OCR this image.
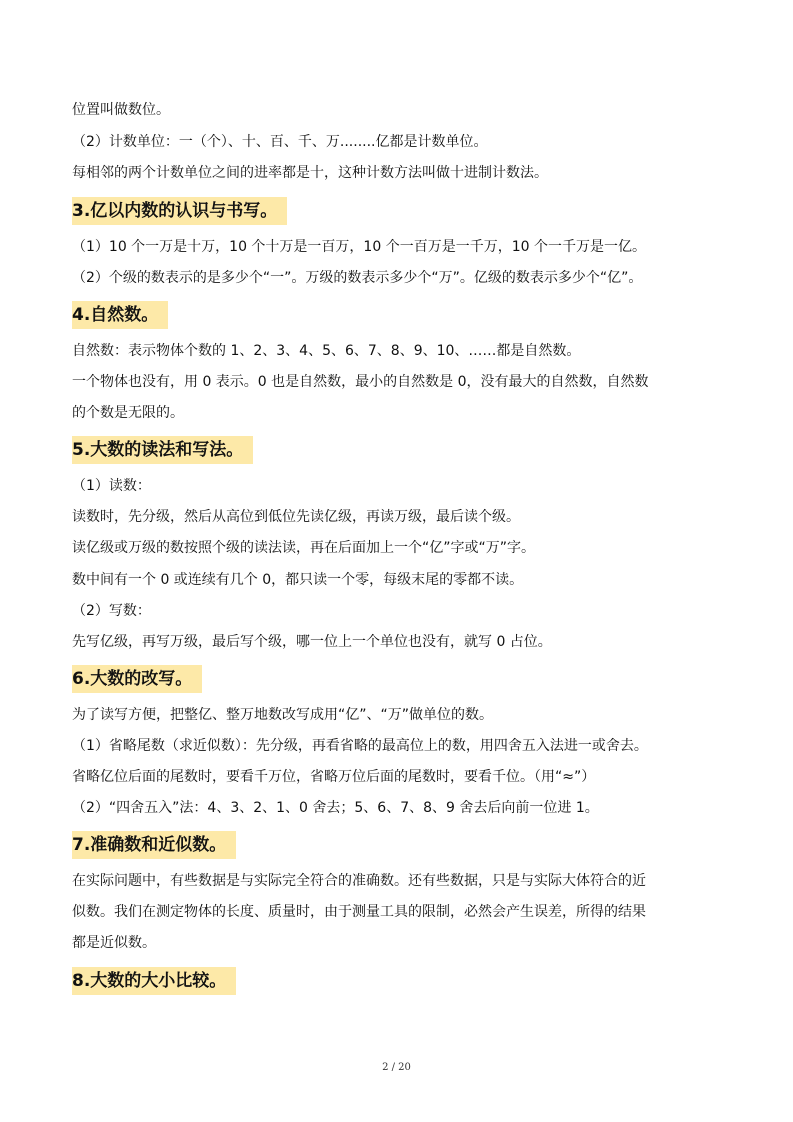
位置叫做数位。
（2）计数单位：一（个）、十、百、千、万........亿都是计数单位。
每相邻的两个计数单位之间的进率都是十，这种计数方法叫做十进制计数法。
3.亿以内数的认识与书写。
（1）10 个一万是十万，10 个十万是一百万，10 个一百万是一千万，10 个一千万是一亿。
（2）个级的数表示的是多少个“一”。万级的数表示多少个“万”。亿级的数表示多少个“亿”。
4.自然数。
自然数：表示物体个数的 1、2、3、4、5、6、7、8、9、10、……都是自然数。
一个物体也没有，用 0 表示。0 也是自然数，最小的自然数是 0，没有最大的自然数，自然数
的个数是无限的。
5.大数的读法和写法。
（1）读数：
读数时，先分级，然后从高位到低位先读亿级，再读万级，最后读个级。
读亿级或万级的数按照个级的读法读，再在后面加上一个“亿”字或“万”字。
数中间有一个 0 或连续有几个 0，都只读一个零，每级末尾的零都不读。
（2）写数：
先写亿级，再写万级，最后写个级，哪一位上一个单位也没有，就写 0 占位。
6.大数的改写。
为了读写方便，把整亿、整万地数改写成用“亿”、“万”做单位的数。
（1）省略尾数（求近似数）：先分级，再看省略的最高位上的数，用四舍五入法进一或舍去。
省略亿位后面的尾数时，要看千万位，省略万位后面的尾数时，要看千位。（用“≈”）
（2）“四舍五入”法：4、3、2、1、0 舍去；5、6、7、8、9 舍去后向前一位进 1。
7.准确数和近似数。
在实际问题中，有些数据是与实际完全符合的准确数。还有些数据，只是与实际大体符合的近
似数。我们在测定物体的长度、质量时，由于测量工具的限制，必然会产生误差，所得的结果
都是近似数。
8.大数的大小比较。
2 / 20
